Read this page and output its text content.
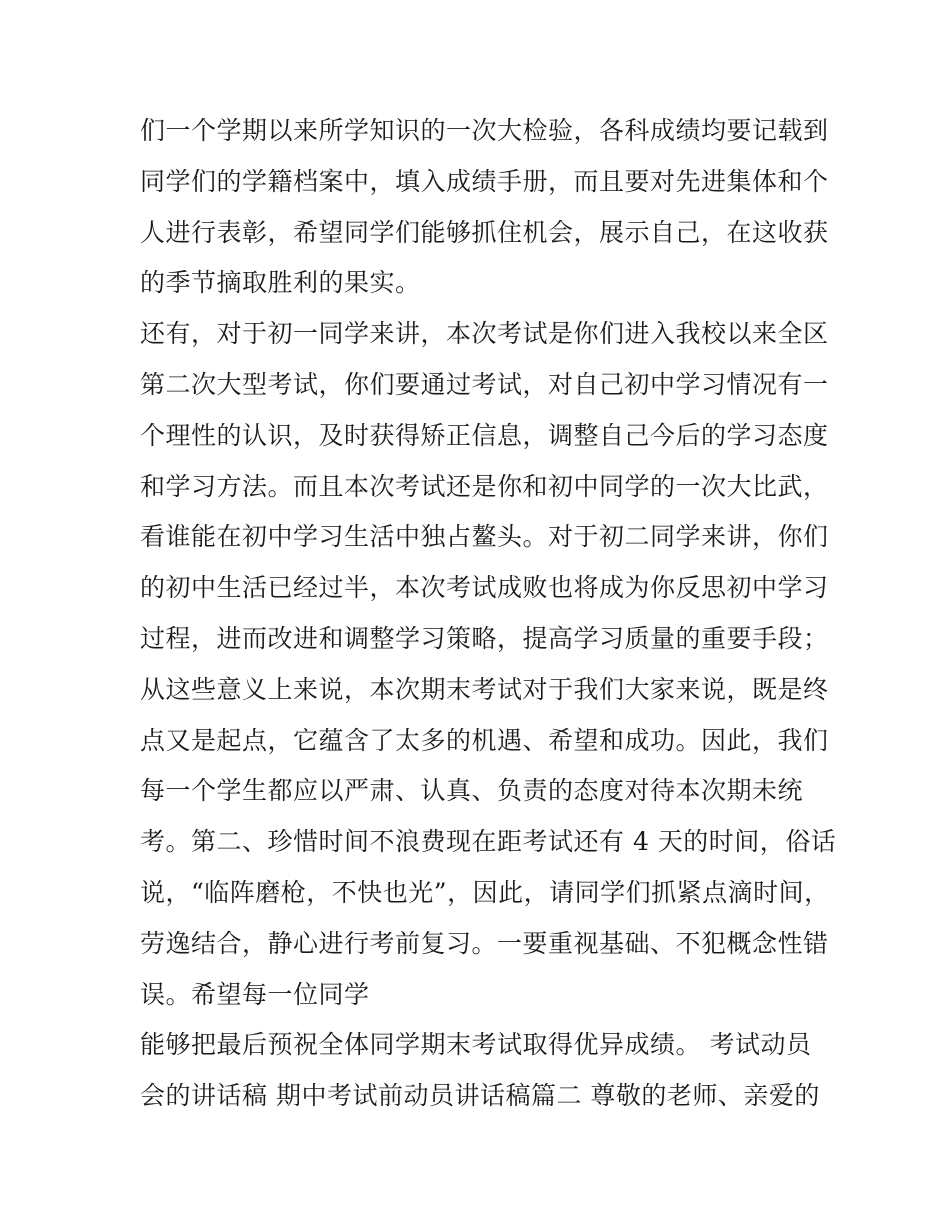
们一个学期以来所学知识的一次大检验，各科成绩均要记载到
同学们的学籍档案中，填入成绩手册，而且要对先进集体和个
人进行表彰，希望同学们能够抓住机会，展示自己，在这收获
的季节摘取胜利的果实。
还有，对于初一同学来讲，本次考试是你们进入我校以来全区
第二次大型考试，你们要通过考试，对自己初中学习情况有一
个理性的认识，及时获得矫正信息，调整自己今后的学习态度
和学习方法。而且本次考试还是你和初中同学的一次大比武，
看谁能在初中学习生活中独占鳌头。对于初二同学来讲，你们
的初中生活已经过半，本次考试成败也将成为你反思初中学习
过程，进而改进和调整学习策略，提高学习质量的重要手段；
从这些意义上来说，本次期末考试对于我们大家来说，既是终
点又是起点，它蕴含了太多的机遇、希望和成功。因此，我们
每一个学生都应以严肃、认真、负责的态度对待本次期未统
考。第二、珍惜时间不浪费现在距考试还有 4 天的时间，俗话
说，“临阵磨枪，不快也光”，因此，请同学们抓紧点滴时间，
劳逸结合，静心进行考前复习。一要重视基础、不犯概念性错
误。希望每一位同学
能够把最后预祝全体同学期末考试取得优异成绩。 考试动员
会的讲话稿 期中考试前动员讲话稿篇二 尊敬的老师、亲爱的
